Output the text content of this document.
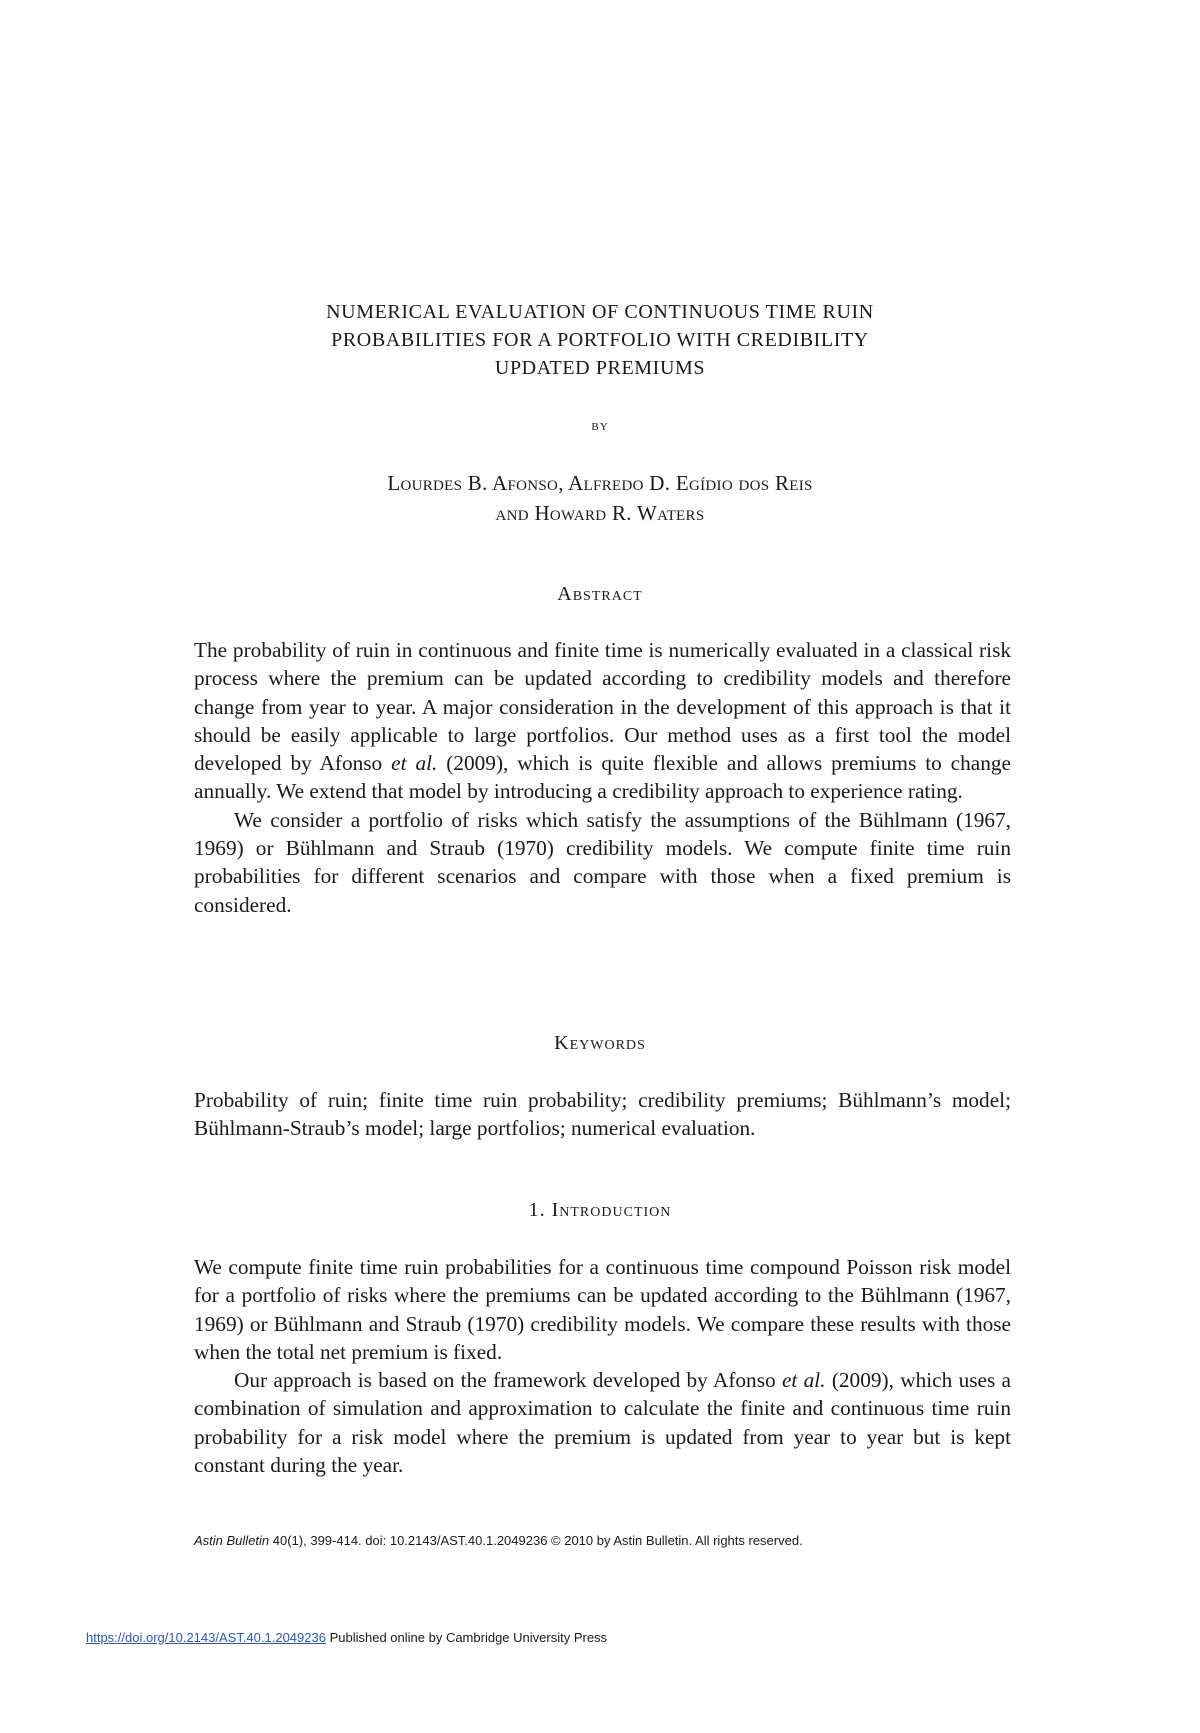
NUMERICAL EVALUATION OF CONTINUOUS TIME RUIN
PROBABILITIES FOR A PORTFOLIO WITH CREDIBILITY
UPDATED PREMIUMS
by
Lourdes B. Afonso, Alfredo D. Egídio dos Reis
and Howard R. Waters
Abstract

The probability of ruin in continuous and finite time is numerically evaluated in a classical risk process where the premium can be updated according to credibility models and therefore change from year to year. A major consideration in the development of this approach is that it should be easily applicable to large portfolios. Our method uses as a first tool the model developed by Afonso et al. (2009), which is quite flexible and allows premiums to change annually. We extend that model by introducing a credibility approach to experience rating.

We consider a portfolio of risks which satisfy the assumptions of the Bühlmann (1967, 1969) or Bühlmann and Straub (1970) credibility models. We compute finite time ruin probabilities for different scenarios and compare with those when a fixed premium is considered.

Keywords

Probability of ruin; finite time ruin probability; credibility premiums; Bühlmann’s model; Bühlmann-Straub’s model; large portfolios; numerical evaluation.

1. Introduction

We compute finite time ruin probabilities for a continuous time compound Poisson risk model for a portfolio of risks where the premiums can be updated according to the Bühlmann (1967, 1969) or Bühlmann and Straub (1970) credibility models. We compare these results with those when the total net premium is fixed.

Our approach is based on the framework developed by Afonso et al. (2009), which uses a combination of simulation and approximation to calculate the finite and continuous time ruin probability for a risk model where the premium is updated from year to year but is kept constant during the year.

Astin Bulletin 40(1), 399-414. doi: 10.2143/AST.40.1.2049236 © 2010 by Astin Bulletin. All rights reserved.
https://doi.org/10.2143/AST.40.1.2049236 Published online by Cambridge University Press
